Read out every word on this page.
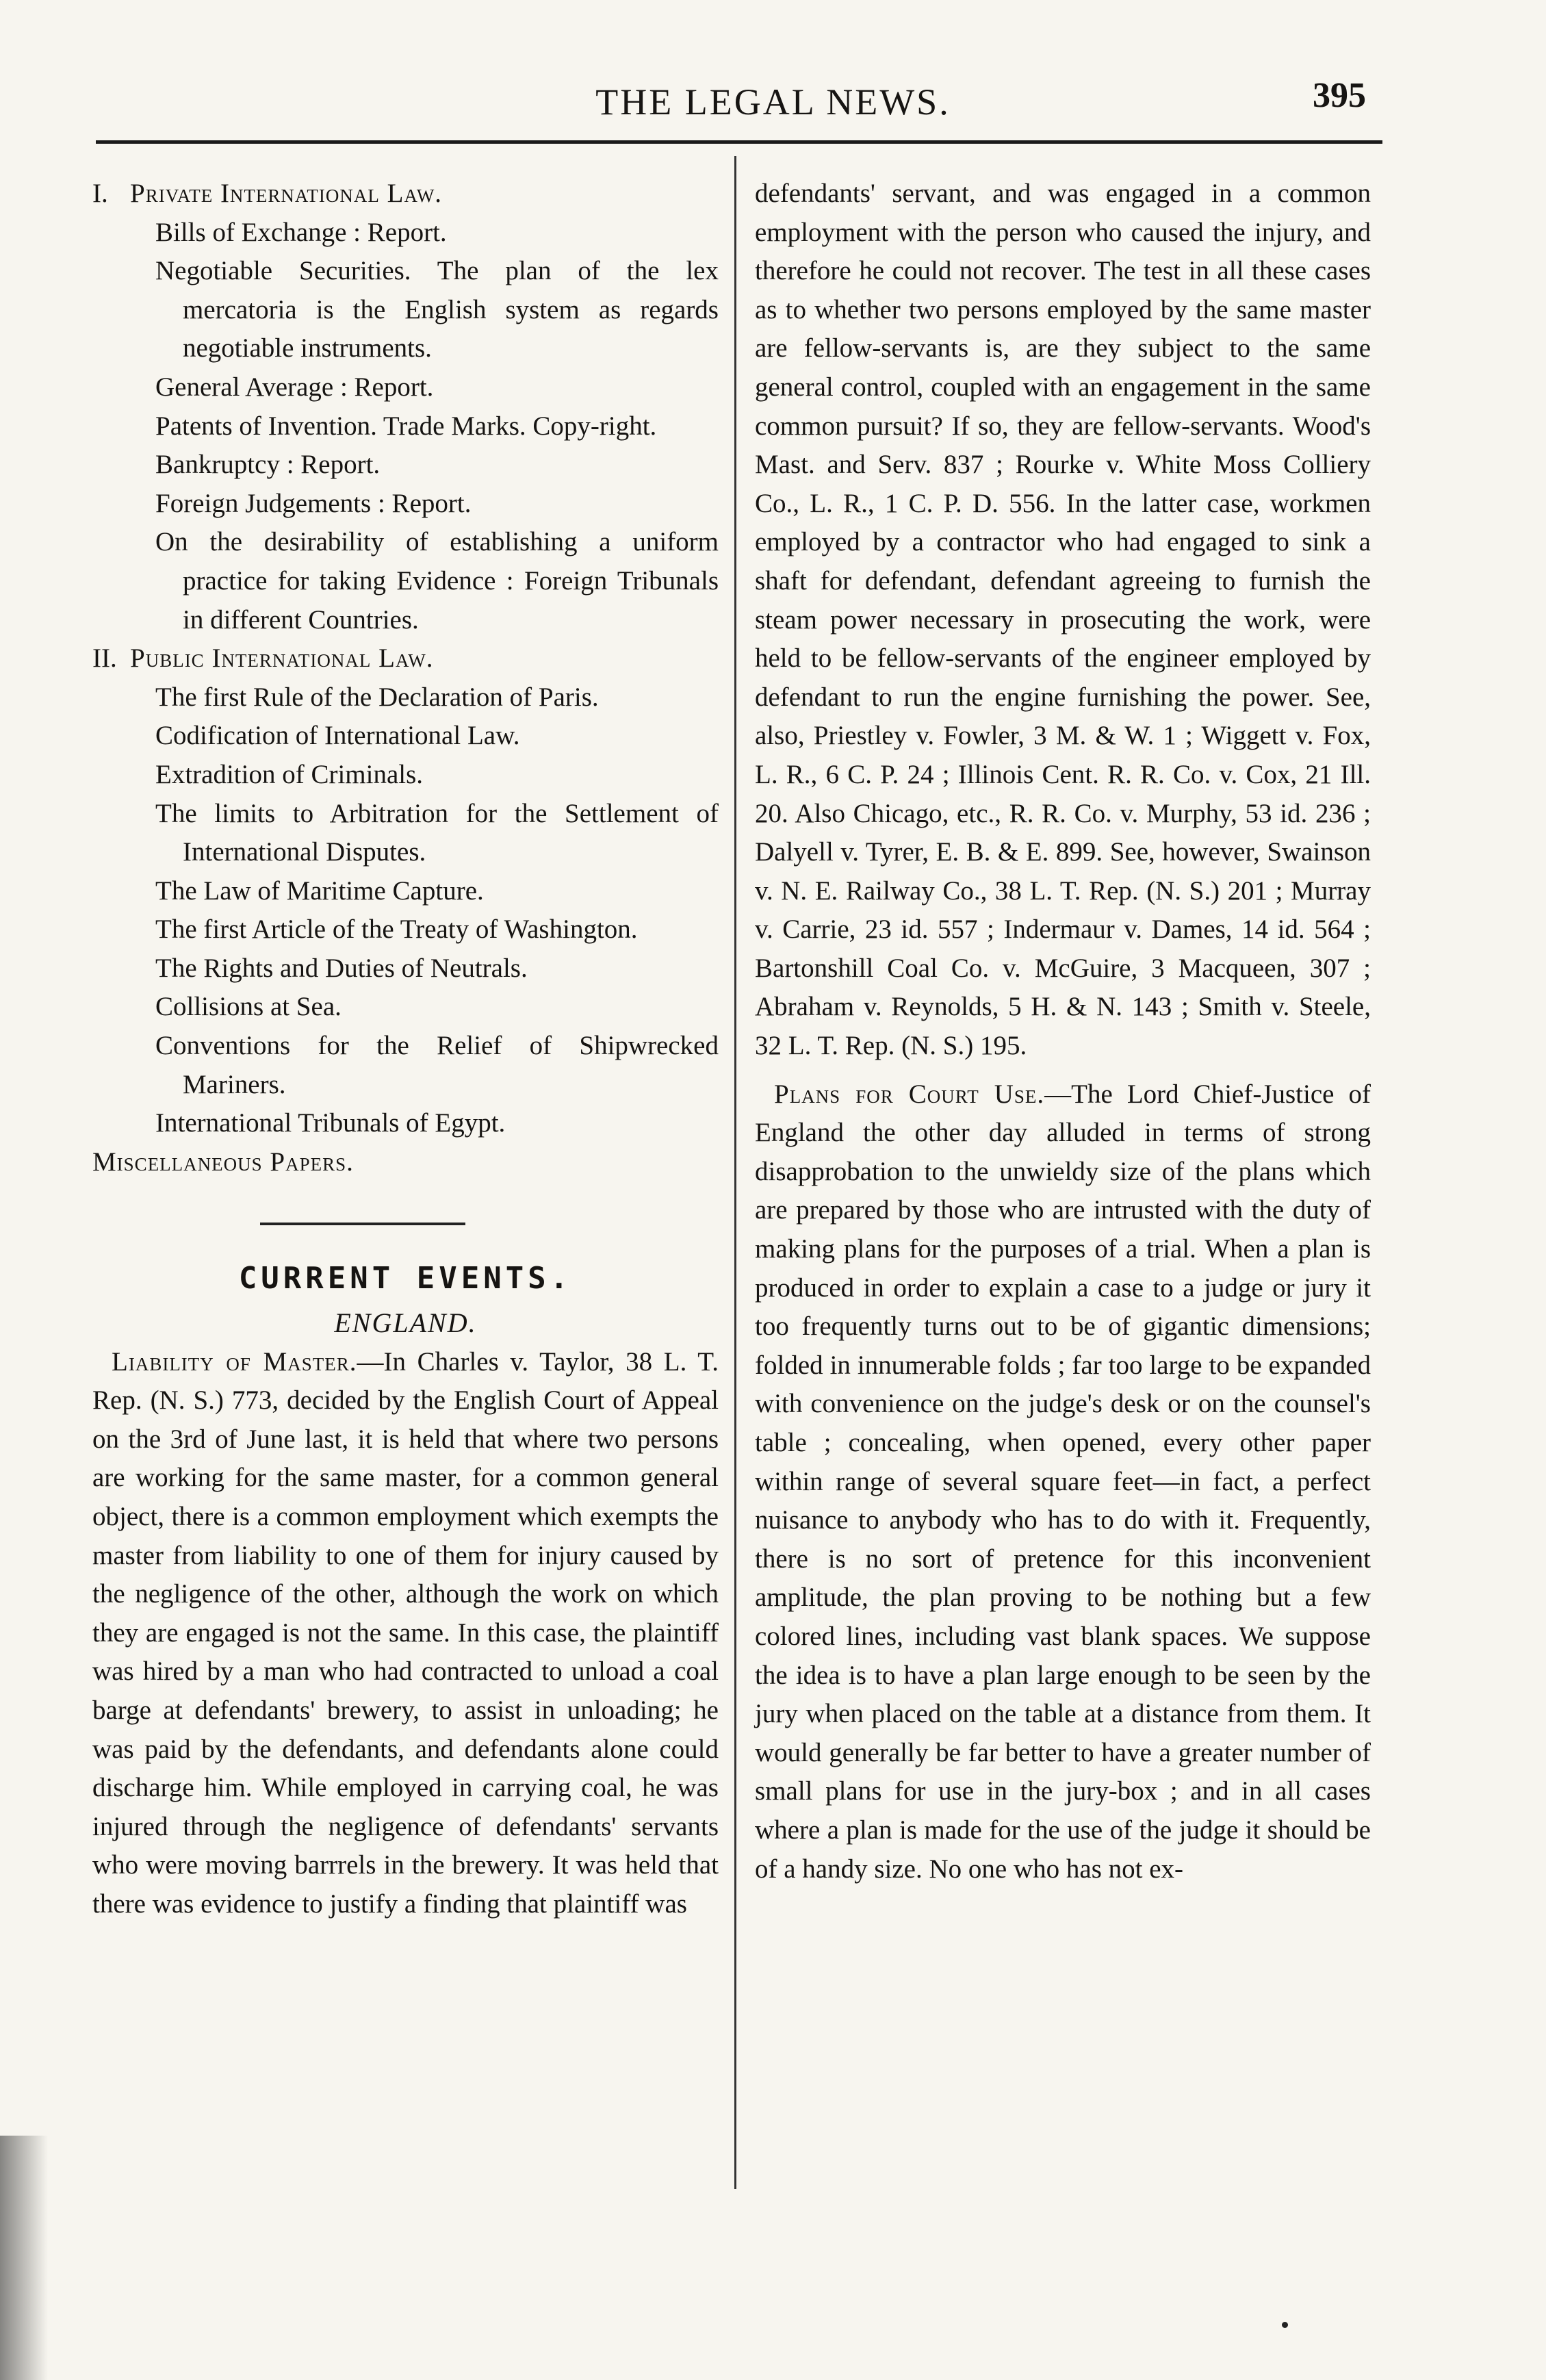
THE LEGAL NEWS.	395
I. Private International Law.
Bills of Exchange : Report.
Negotiable Securities. The plan of the lex mercatoria is the English system as regards negotiable instruments.
General Average : Report.
Patents of Invention. Trade Marks. Copy-right.
Bankruptcy : Report.
Foreign Judgements : Report.
On the desirability of establishing a uniform practice for taking Evidence : Foreign Tribunals in different Countries.
II. Public International Law.
The first Rule of the Declaration of Paris.
Codification of International Law.
Extradition of Criminals.
The limits to Arbitration for the Settlement of International Disputes.
The Law of Maritime Capture.
The first Article of the Treaty of Washington.
The Rights and Duties of Neutrals.
Collisions at Sea.
Conventions for the Relief of Shipwrecked Mariners.
International Tribunals of Egypt.
Miscellaneous Papers.
CURRENT EVENTS.
ENGLAND.

Liability of Master.—In Charles v. Taylor, 38 L. T. Rep. (N. S.) 773, decided by the English Court of Appeal on the 3rd of June last, it is held that where two persons are working for the same master, for a common general object, there is a common employment which exempts the master from liability to one of them for injury caused by the negligence of the other, although the work on which they are engaged is not the same. In this case, the plaintiff was hired by a man who had contracted to unload a coal barge at defendants' brewery, to assist in unloading; he was paid by the defendants, and defendants alone could discharge him. While employed in carrying coal, he was injured through the negligence of defendants' servants who were moving barrrels in the brewery. It was held that there was evidence to justify a finding that plaintiff was

defendants' servant, and was engaged in a common employment with the person who caused the injury, and therefore he could not recover. The test in all these cases as to whether two persons employed by the same master are fellow-servants is, are they subject to the same general control, coupled with an engagement in the same common pursuit? If so, they are fellow-servants. Wood's Mast. and Serv. 837 ; Rourke v. White Moss Colliery Co., L. R., 1 C. P. D. 556. In the latter case, workmen employed by a contractor who had engaged to sink a shaft for defendant, defendant agreeing to furnish the steam power necessary in prosecuting the work, were held to be fellow-servants of the engineer employed by defendant to run the engine furnishing the power. See, also, Priestley v. Fowler, 3 M. & W. 1 ; Wiggett v. Fox, L. R., 6 C. P. 24 ; Illinois Cent. R. R. Co. v. Cox, 21 Ill. 20. Also Chicago, etc., R. R. Co. v. Murphy, 53 id. 236 ; Dalyell v. Tyrer, E. B. & E. 899. See, however, Swainson v. N. E. Railway Co., 38 L. T. Rep. (N. S.) 201 ; Murray v. Carrie, 23 id. 557 ; Indermaur v. Dames, 14 id. 564 ; Bartonshill Coal Co. v. McGuire, 3 Macqueen, 307 ; Abraham v. Reynolds, 5 H. & N. 143 ; Smith v. Steele, 32 L. T. Rep. (N. S.) 195.

Plans for Court Use.—The Lord Chief-Justice of England the other day alluded in terms of strong disapprobation to the unwieldy size of the plans which are prepared by those who are intrusted with the duty of making plans for the purposes of a trial. When a plan is produced in order to explain a case to a judge or jury it too frequently turns out to be of gigantic dimensions; folded in innumerable folds ; far too large to be expanded with convenience on the judge's desk or on the counsel's table ; concealing, when opened, every other paper within range of several square feet—in fact, a perfect nuisance to anybody who has to do with it. Frequently, there is no sort of pretence for this inconvenient amplitude, the plan proving to be nothing but a few colored lines, including vast blank spaces. We suppose the idea is to have a plan large enough to be seen by the jury when placed on the table at a distance from them. It would generally be far better to have a greater number of small plans for use in the jury-box ; and in all cases where a plan is made for the use of the judge it should be of a handy size. No one who has not ex-
